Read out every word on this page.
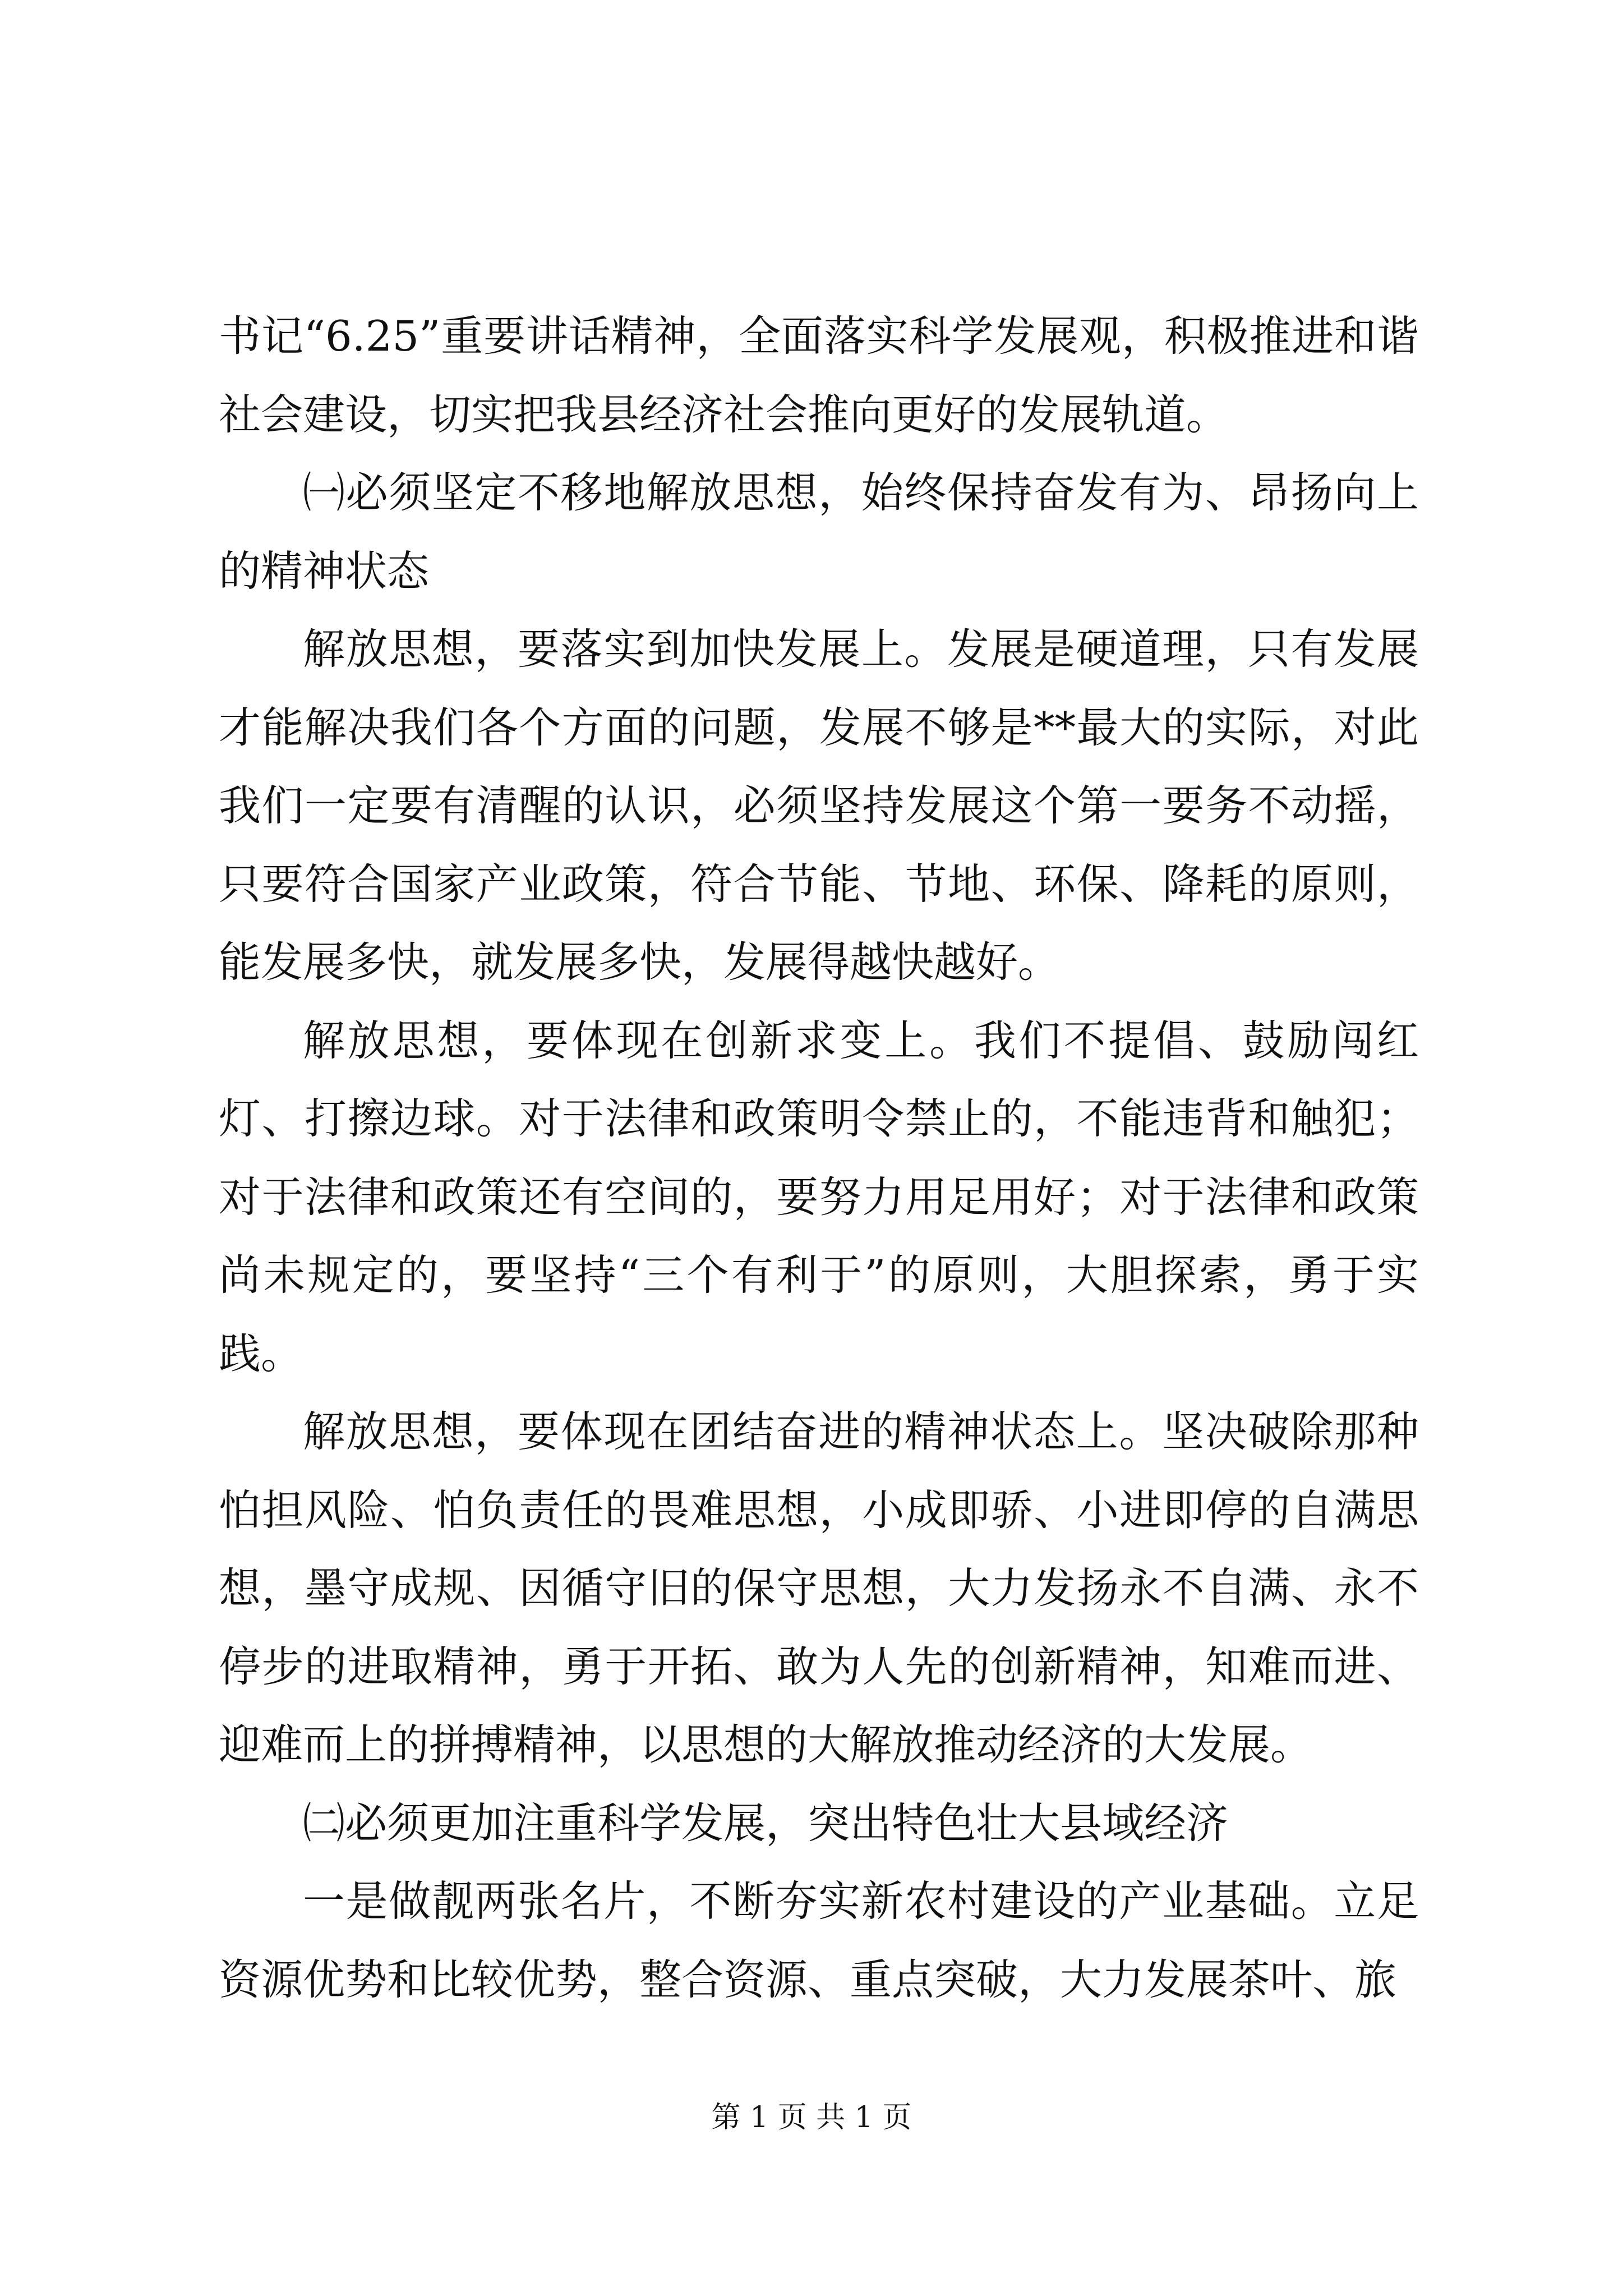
书记“6.25”重要讲话精神，全面落实科学发展观，积极推进和谐社会建设，切实把我县经济社会推向更好的发展轨道。

㈠必须坚定不移地解放思想，始终保持奋发有为、昂扬向上的精神状态

解放思想，要落实到加快发展上。发展是硬道理，只有发展才能解决我们各个方面的问题，发展不够是**最大的实际，对此我们一定要有清醒的认识，必须坚持发展这个第一要务不动摇，只要符合国家产业政策，符合节能、节地、环保、降耗的原则，能发展多快，就发展多快，发展得越快越好。

解放思想，要体现在创新求变上。我们不提倡、鼓励闯红灯、打擦边球。对于法律和政策明令禁止的，不能违背和触犯；对于法律和政策还有空间的，要努力用足用好；对于法律和政策尚未规定的，要坚持“三个有利于”的原则，大胆探索，勇于实践。

解放思想，要体现在团结奋进的精神状态上。坚决破除那种怕担风险、怕负责任的畏难思想，小成即骄、小进即停的自满思想，墨守成规、因循守旧的保守思想，大力发扬永不自满、永不停步的进取精神，勇于开拓、敢为人先的创新精神，知难而进、迎难而上的拼搏精神，以思想的大解放推动经济的大发展。

㈡必须更加注重科学发展，突出特色壮大县域经济

一是做靓两张名片，不断夯实新农村建设的产业基础。立足资源优势和比较优势，整合资源、重点突破，大力发展茶叶、旅

第 1 页 共 1 页
